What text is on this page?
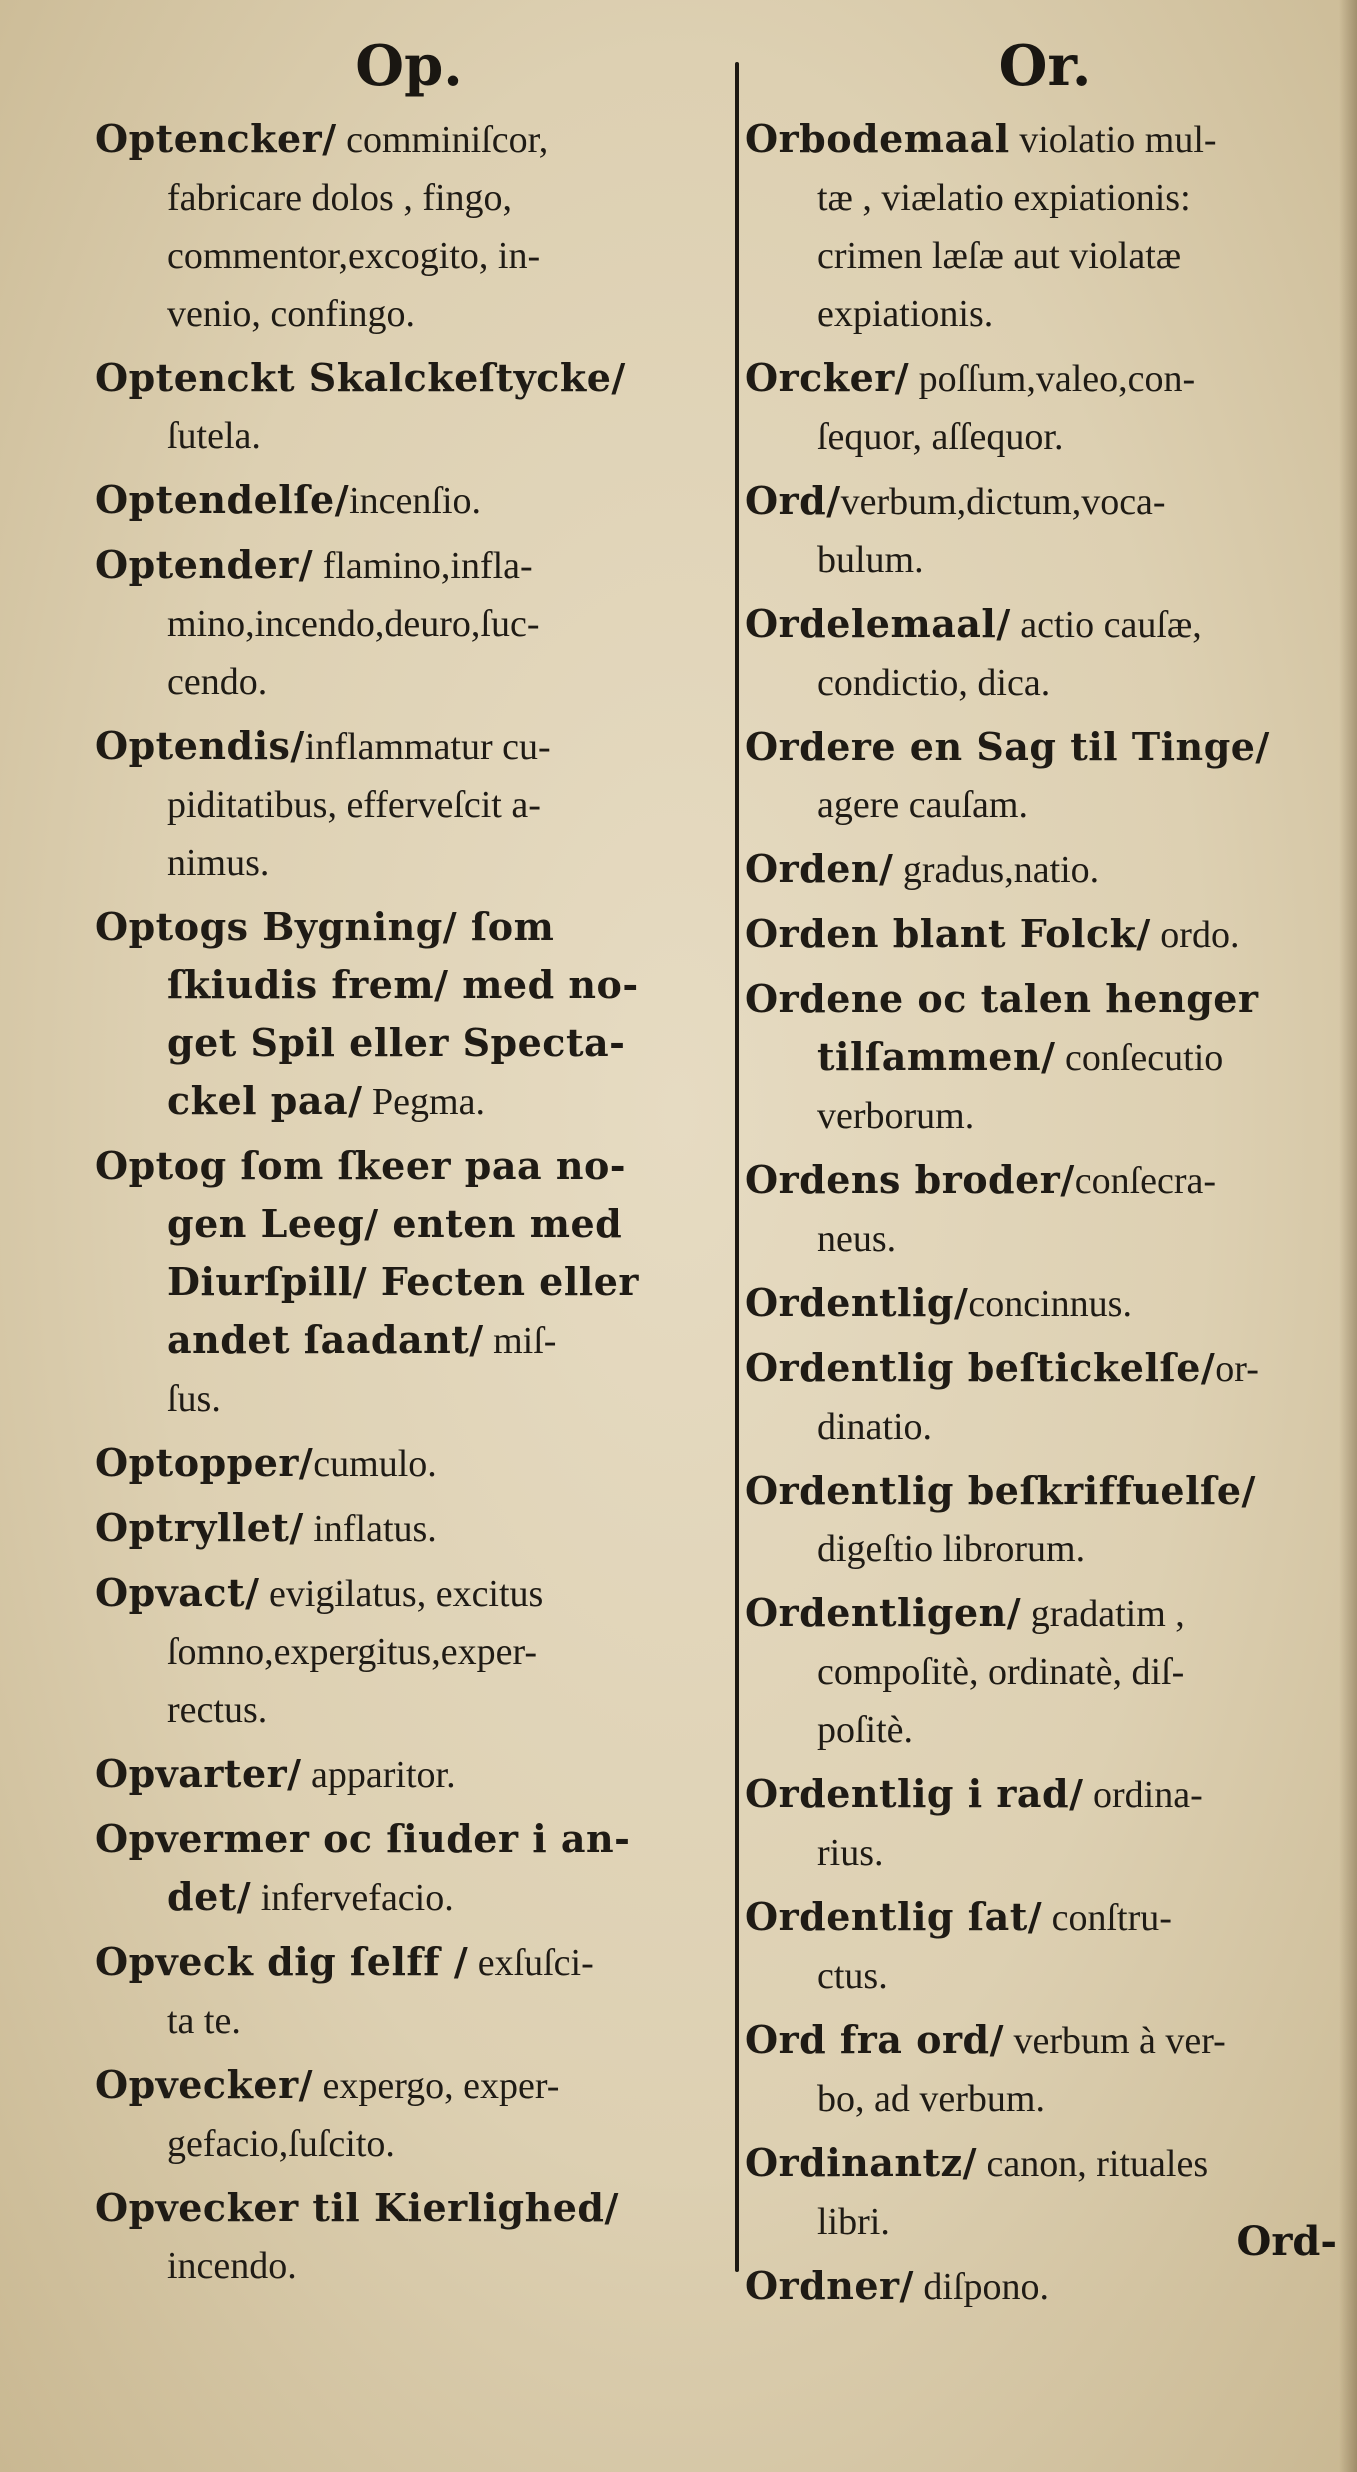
Op.
Optencker/ comminiſcor,
fabricare dolos , fingo,
commentor,excogito, in-
venio, confingo.
Optenckt Skalckeſtycke/
ſutela.
Optendelſe/incenſio.
Optender/ flamino,infla-
mino,incendo,deuro,ſuc-
cendo.
Optendis/inflammatur cu-
piditatibus, efferveſcit a-
nimus.
Optogs Bygning/ ſom
ſkiudis frem/ med no-
get Spil eller Specta-
ckel paa/ Pegma.
Optog ſom ſkeer paa no-
gen Leeg/ enten med
Diurſpill/ Fecten eller
andet ſaadant/ miſ-
ſus.
Optopper/cumulo.
Optryllet/ inflatus.
Opvact/ evigilatus, excitus
ſomno,expergitus,exper-
rectus.
Opvarter/ apparitor.
Opvermer oc ſiuder i an-
det/ infervefacio.
Opveck dig ſelff / exſuſci-
ta te.
Opvecker/ expergo, exper-
gefacio,ſuſcito.
Opvecker til Kierlighed/
incendo.
Or.
Orbodemaal violatio mul-
tæ , viælatio expiationis:
crimen læſæ aut violatæ
expiationis.
Orcker/ poſſum,valeo,con-
ſequor, aſſequor.
Ord/verbum,dictum,voca-
bulum.
Ordelemaal/ actio cauſæ,
condictio, dica.
Ordere en Sag til Tinge/
agere cauſam.
Orden/ gradus,natio.
Orden blant Folck/ ordo.
Ordene oc talen henger
tilſammen/ conſecutio
verborum.
Ordens broder/conſecra-
neus.
Ordentlig/concinnus.
Ordentlig beſtickelſe/or-
dinatio.
Ordentlig beſkriffuelſe/
digeſtio librorum.
Ordentligen/ gradatim ,
compoſitè, ordinatè, diſ-
poſitè.
Ordentlig i rad/ ordina-
rius.
Ordentlig ſat/ conſtru-
ctus.
Ord fra ord/ verbum à ver-
bo, ad verbum.
Ordinantz/ canon, rituales
libri.
Ordner/ diſpono.
Ord-
